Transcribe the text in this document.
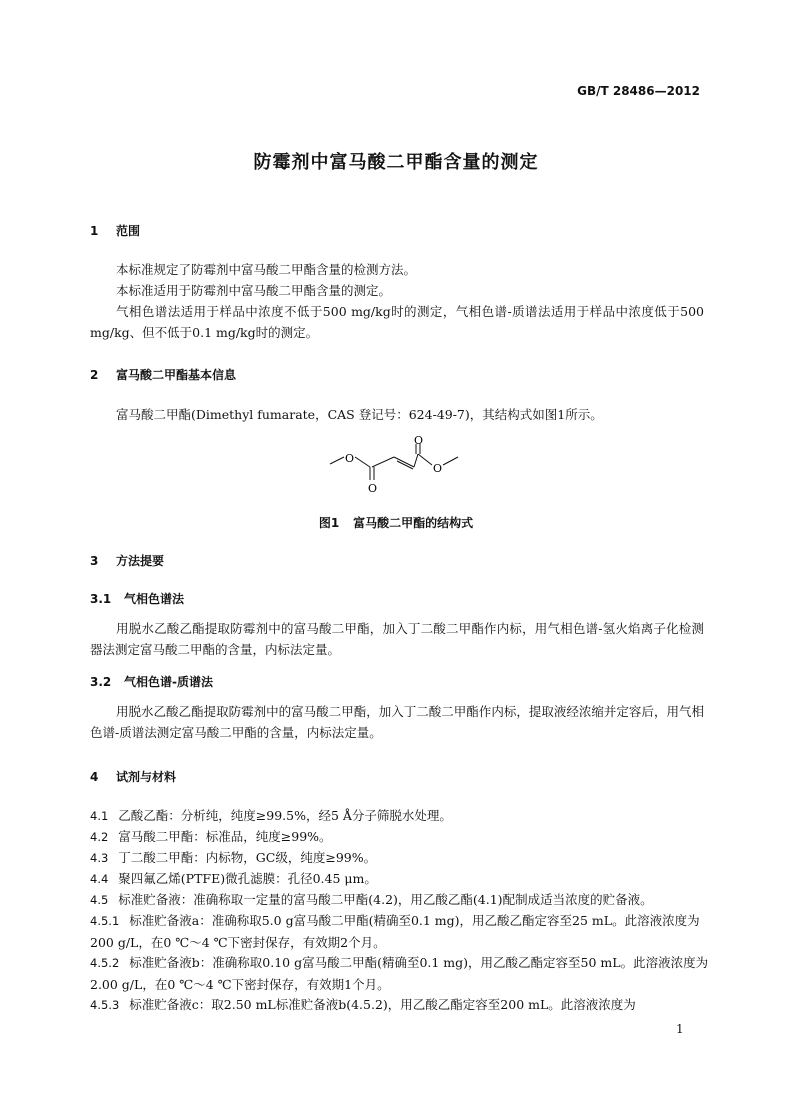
GB/T 28486—2012
防霉剂中富马酸二甲酯含量的测定
1 范围
本标准规定了防霉剂中富马酸二甲酯含量的检测方法。
本标准适用于防霉剂中富马酸二甲酯含量的测定。
气相色谱法适用于样品中浓度不低于500 mg/kg时的测定，气相色谱-质谱法适用于样品中浓度低于500 mg/kg、但不低于0.1 mg/kg时的测定。
2 富马酸二甲酯基本信息
富马酸二甲酯(Dimethyl fumarate，CAS 登记号：624-49-7)，其结构式如图1所示。
O
O
O
O
图1 富马酸二甲酯的结构式
3 方法提要
3.1 气相色谱法
用脱水乙酸乙酯提取防霉剂中的富马酸二甲酯，加入丁二酸二甲酯作内标，用气相色谱-氢火焰离子化检测器法测定富马酸二甲酯的含量，内标法定量。
3.2 气相色谱-质谱法
用脱水乙酸乙酯提取防霉剂中的富马酸二甲酯，加入丁二酸二甲酯作内标，提取液经浓缩并定容后，用气相色谱-质谱法测定富马酸二甲酯的含量，内标法定量。
4 试剂与材料
4.1 乙酸乙酯：分析纯，纯度≥99.5%，经5 Å分子筛脱水处理。
4.2 富马酸二甲酯：标准品，纯度≥99%。
4.3 丁二酸二甲酯：内标物，GC级，纯度≥99%。
4.4 聚四氟乙烯(PTFE)微孔滤膜：孔径0.45 μm。
4.5 标准贮备液：准确称取一定量的富马酸二甲酯(4.2)，用乙酸乙酯(4.1)配制成适当浓度的贮备液。
4.5.1 标准贮备液a：准确称取5.0 g富马酸二甲酯(精确至0.1 mg)，用乙酸乙酯定容至25 mL。此溶液浓度为200 g/L，在0 ℃～4 ℃下密封保存，有效期2个月。
4.5.2 标准贮备液b：准确称取0.10 g富马酸二甲酯(精确至0.1 mg)，用乙酸乙酯定容至50 mL。此溶液浓度为2.00 g/L，在0 ℃～4 ℃下密封保存，有效期1个月。
4.5.3 标准贮备液c：取2.50 mL标准贮备液b(4.5.2)，用乙酸乙酯定容至200 mL。此溶液浓度为
1
